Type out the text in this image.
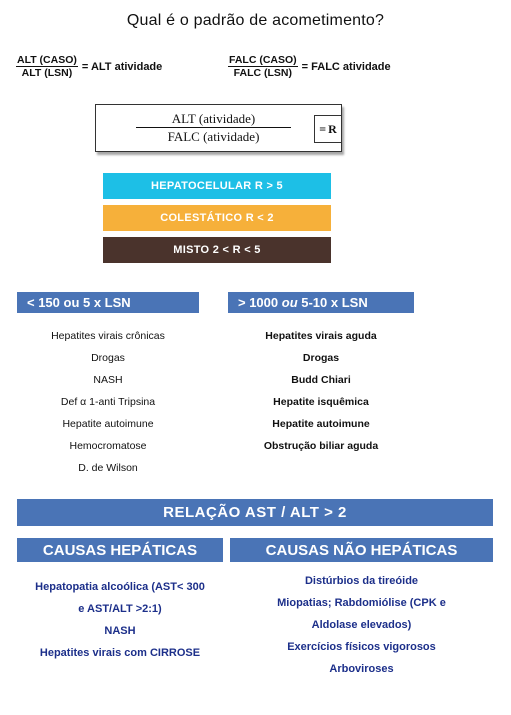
Qual é o padrão de acometimento?
$\frac{\text{ALT (CASO)}}{\text{ALT (LSN)}}$ = ALT atividade	$\frac{\text{FALC (CASO)}}{\text{FALC (LSN)}}$ = FALC atividade
ALT (atividade)
FALC (atividade)
= R
HEPATOCELULAR R > 5
COLESTÁTICO R < 2
MISTO 2 < R < 5
< 150 ou 5 x LSN
Hepatites virais crônicas
Drogas
NASH
Def α 1-anti Tripsina
Hepatite autoimune
Hemocromatose
D. de Wilson
> 1000 ou 5-10 x LSN
Hepatites virais aguda
Drogas
Budd Chiari
Hepatite isquêmica
Hepatite autoimune
Obstrução biliar aguda
RELAÇÃO AST / ALT > 2
CAUSAS HEPÁTICAS	CAUSAS NÃO HEPÁTICAS
Hepatopatia alcoólica (AST< 300
e AST/ALT >2:1)
NASH
Hepatites virais com CIRROSE
Distúrbios da tireóide
Miopatias; Rabdomiólise (CPK e
Aldolase elevados)
Exercícios físicos vigorosos
Arboviroses
